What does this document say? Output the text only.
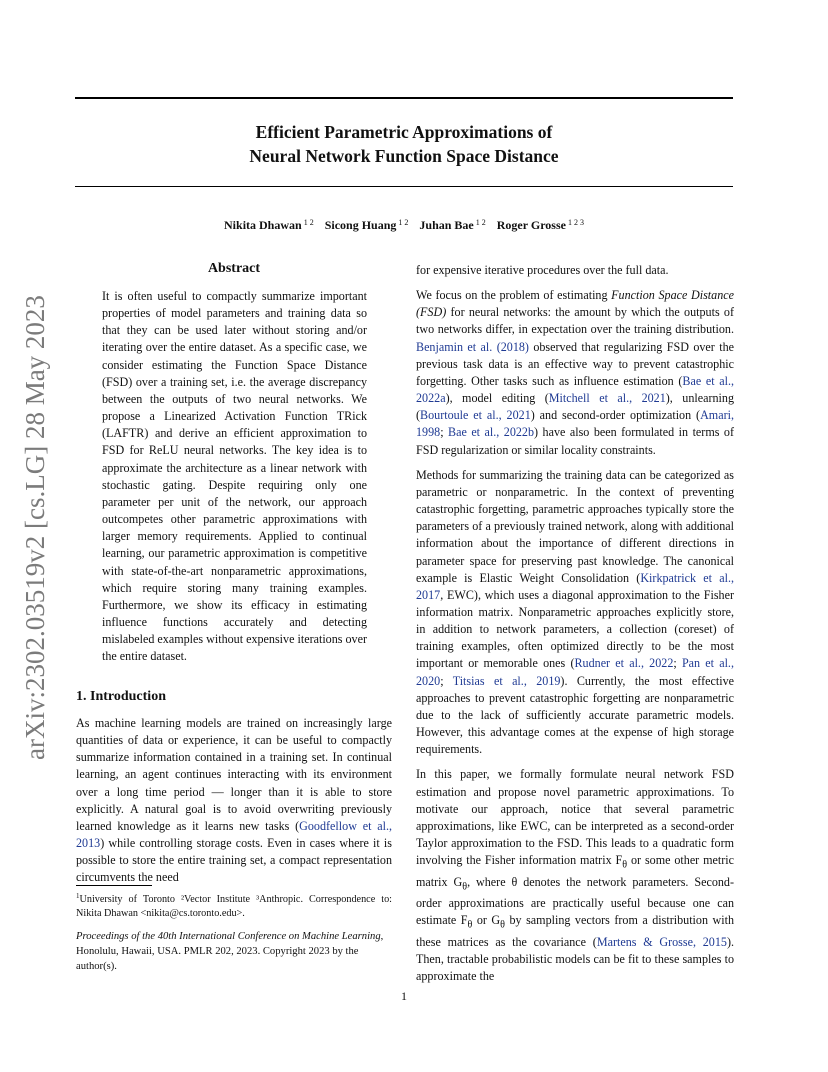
Efficient Parametric Approximations of
Neural Network Function Space Distance
Nikita Dhawan $^{1 2}$ Sicong Huang $^{1 2}$ Juhan Bae $^{1 2}$ Roger Grosse $^{1 2 3}$
arXiv:2302.03519v2 [cs.LG] 28 May 2023
Abstract
It is often useful to compactly summarize important properties of model parameters and training data so that they can be used later without storing and/or iterating over the entire dataset. As a specific case, we consider estimating the Function Space Distance (FSD) over a training set, i.e. the average discrepancy between the outputs of two neural networks. We propose a Linearized Activation Function TRick (LAFTR) and derive an efficient approximation to FSD for ReLU neural networks. The key idea is to approximate the architecture as a linear network with stochastic gating. Despite requiring only one parameter per unit of the network, our approach outcompetes other parametric approximations with larger memory requirements. Applied to continual learning, our parametric approximation is competitive with state-of-the-art nonparametric approximations, which require storing many training examples. Furthermore, we show its efficacy in estimating influence functions accurately and detecting mislabeled examples without expensive iterations over the entire dataset.
1. Introduction
As machine learning models are trained on increasingly large quantities of data or experience, it can be useful to compactly summarize information contained in a training set. In continual learning, an agent continues interacting with its environment over a long time period — longer than it is able to store explicitly. A natural goal is to avoid overwriting previously learned knowledge as it learns new tasks (Goodfellow et al., 2013) while controlling storage costs. Even in cases where it is possible to store the entire training set, a compact representation circumvents the need
$^1$University of Toronto ²Vector Institute ³Anthropic. Correspondence to: Nikita Dhawan <nikita@cs.toronto.edu>.
Proceedings of the 40th International Conference on Machine Learning, Honolulu, Hawaii, USA. PMLR 202, 2023. Copyright 2023 by the author(s).

for expensive iterative procedures over the full data.

We focus on the problem of estimating Function Space Distance (FSD) for neural networks: the amount by which the outputs of two networks differ, in expectation over the training distribution. Benjamin et al. (2018) observed that regularizing FSD over the previous task data is an effective way to prevent catastrophic forgetting. Other tasks such as influence estimation (Bae et al., 2022a), model editing (Mitchell et al., 2021), unlearning (Bourtoule et al., 2021) and second-order optimization (Amari, 1998; Bae et al., 2022b) have also been formulated in terms of FSD regularization or similar locality constraints.

Methods for summarizing the training data can be categorized as parametric or nonparametric. In the context of preventing catastrophic forgetting, parametric approaches typically store the parameters of a previously trained network, along with additional information about the importance of different directions in parameter space for preserving past knowledge. The canonical example is Elastic Weight Consolidation (Kirkpatrick et al., 2017, EWC), which uses a diagonal approximation to the Fisher information matrix. Nonparametric approaches explicitly store, in addition to network parameters, a collection (coreset) of training examples, often optimized directly to be the most important or memorable ones (Rudner et al., 2022; Pan et al., 2020; Titsias et al., 2019). Currently, the most effective approaches to prevent catastrophic forgetting are nonparametric due to the lack of sufficiently accurate parametric models. However, this advantage comes at the expense of high storage requirements.

In this paper, we formally formulate neural network FSD estimation and propose novel parametric approximations. To motivate our approach, notice that several parametric approximations, like EWC, can be interpreted as a second-order Taylor approximation to the FSD. This leads to a quadratic form involving the Fisher information matrix $F_\theta$ or some other metric matrix $G_\theta$, where θ denotes the network parameters. Second-order approximations are practically useful because one can estimate $F_\theta$ or $G_\theta$ by sampling vectors from a distribution with these matrices as the covariance (Martens & Grosse, 2015). Then, tractable probabilistic models can be fit to these samples to approximate the

1
